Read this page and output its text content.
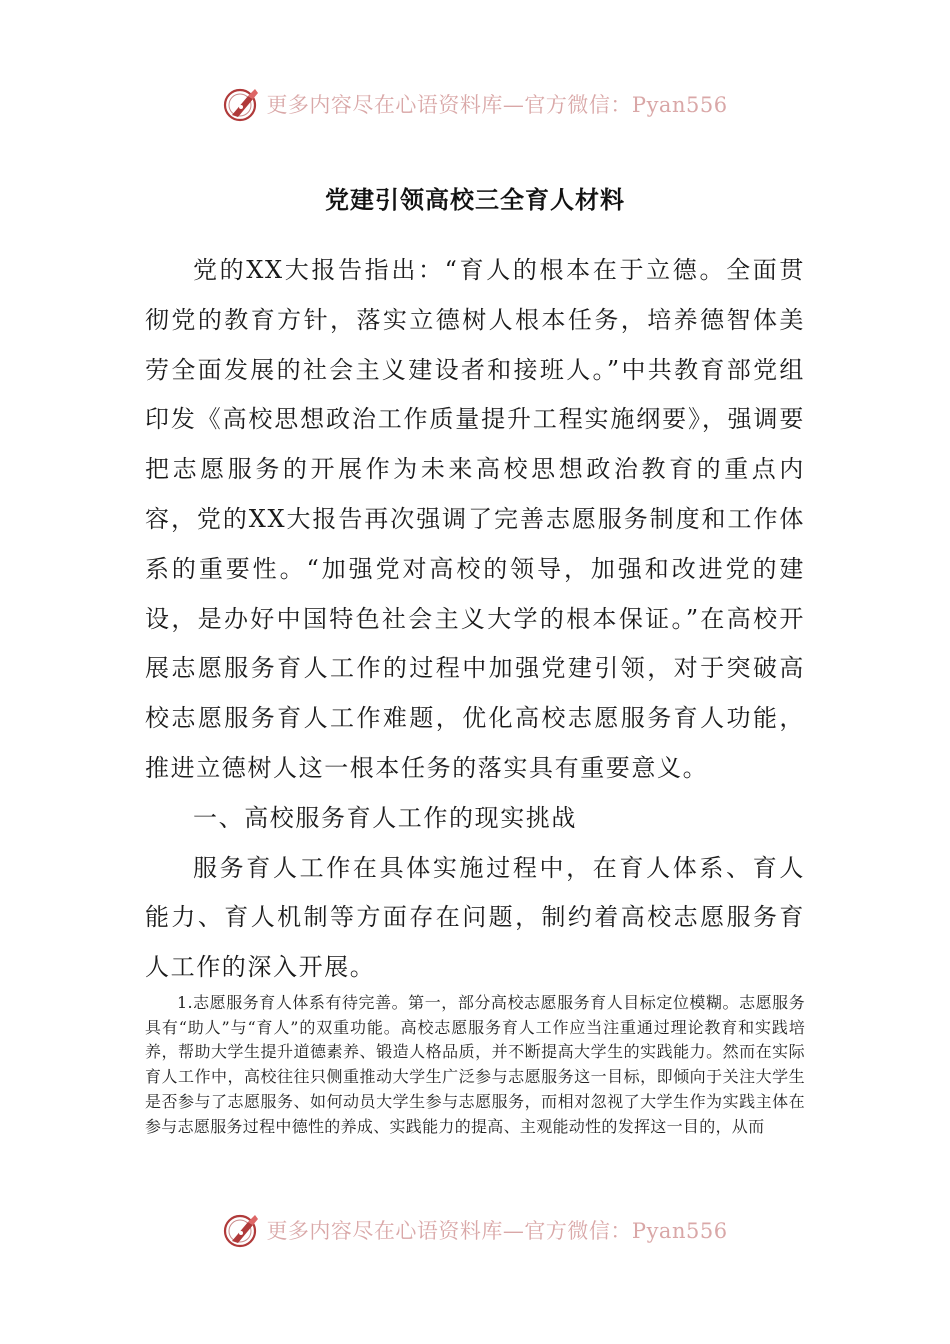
更多内容尽在心语资料库—官方微信：Pyan556
党建引领高校三全育人材料

党的XX大报告指出：“育人的根本在于立德。全面贯彻党的教育方针，落实立德树人根本任务，培养德智体美劳全面发展的社会主义建设者和接班人。”中共教育部党组印发《高校思想政治工作质量提升工程实施纲要》，强调要把志愿服务的开展作为未来高校思想政治教育的重点内容，党的XX大报告再次强调了完善志愿服务制度和工作体系的重要性。“加强党对高校的领导，加强和改进党的建设，是办好中国特色社会主义大学的根本保证。”在高校开展志愿服务育人工作的过程中加强党建引领，对于突破高校志愿服务育人工作难题，优化高校志愿服务育人功能，推进立德树人这一根本任务的落实具有重要意义。

一、高校服务育人工作的现实挑战

服务育人工作在具体实施过程中，在育人体系、育人能力、育人机制等方面存在问题，制约着高校志愿服务育人工作的深入开展。

1.志愿服务育人体系有待完善。第一，部分高校志愿服务育人目标定位模糊。志愿服务具有“助人”与“育人”的双重功能。高校志愿服务育人工作应当注重通过理论教育和实践培养，帮助大学生提升道德素养、锻造人格品质，并不断提高大学生的实践能力。然而在实际育人工作中，高校往往只侧重推动大学生广泛参与志愿服务这一目标，即倾向于关注大学生是否参与了志愿服务、如何动员大学生参与志愿服务，而相对忽视了大学生作为实践主体在参与志愿服务过程中德性的养成、实践能力的提高、主观能动性的发挥这一目的，从而

更多内容尽在心语资料库—官方微信：Pyan556
